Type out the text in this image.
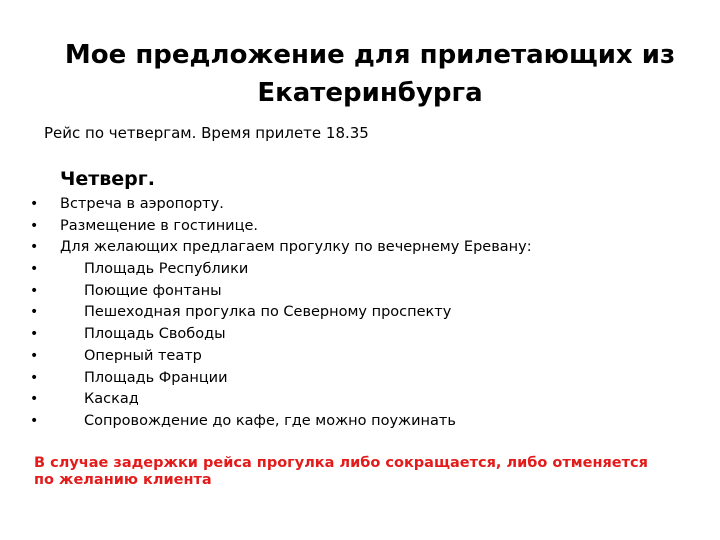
Мое предложение для прилетающих из Екатеринбурга
Рейс по четвергам. Время прилете 18.35
Четверг.
•	Встреча в аэропорту.
•	Размещение в гостинице.
•	Для желающих предлагаем прогулку по вечернему Еревану:
•	Площадь Республики
•	Поющие фонтаны
•	Пешеходная прогулка по Северному проспекту
•	Площадь Свободы
•	Оперный театр
•	Площадь Франции
•	Каскад
•	Сопровождение до кафе, где можно поужинать
В случае задержки рейса прогулка либо сокращается, либо отменяется по желанию клиента
